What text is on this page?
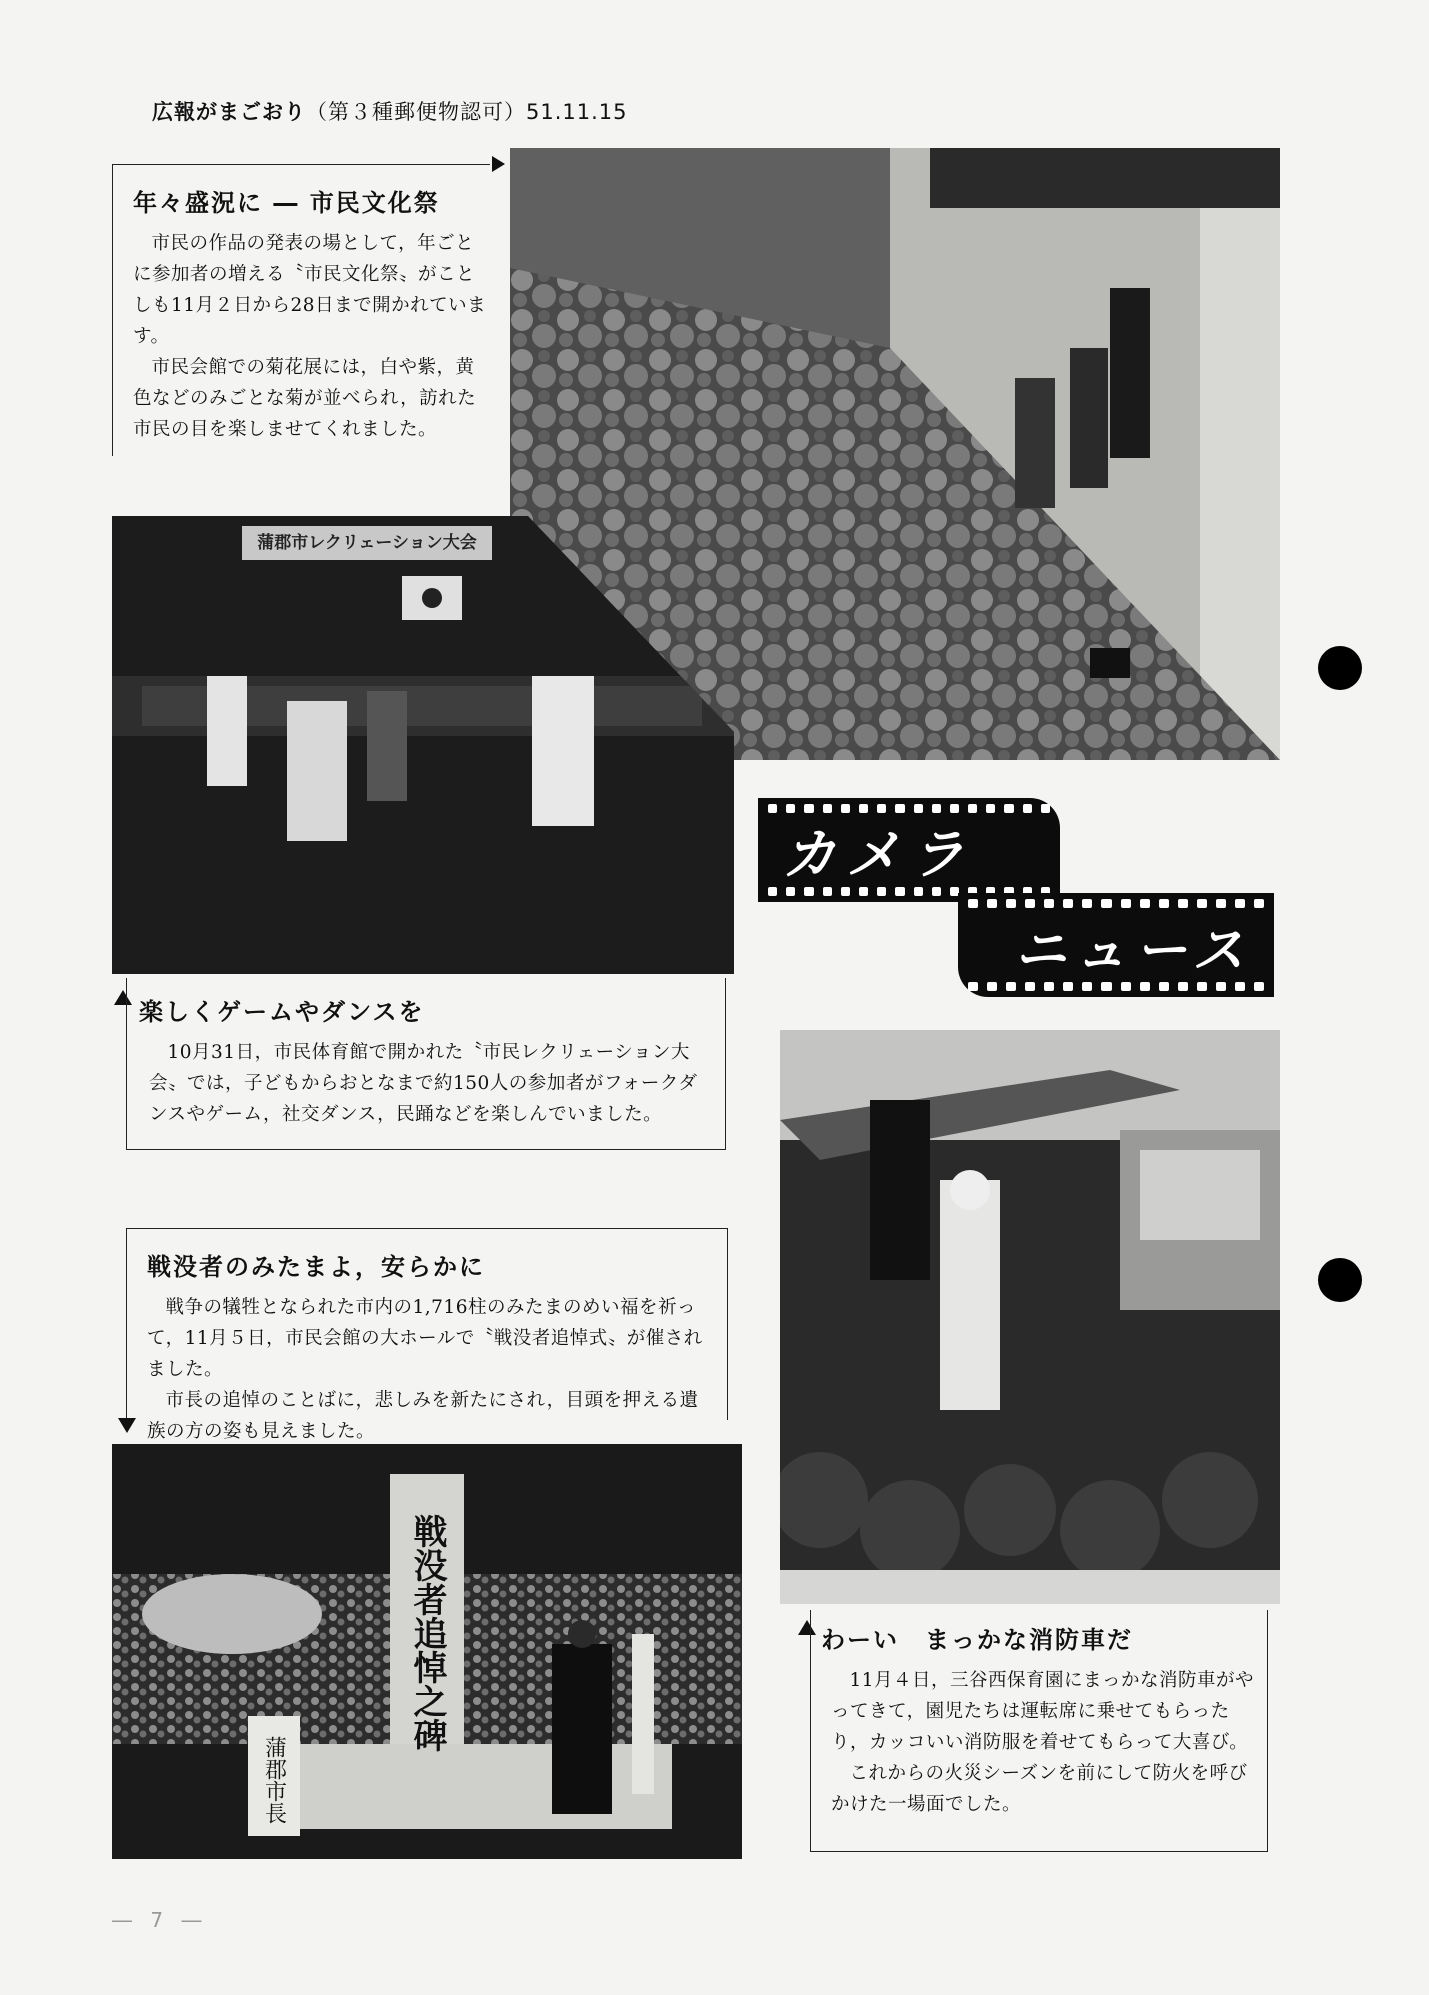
広報がまごおり（第３種郵便物認可）51.11.15
年々盛況に ― 市民文化祭

市民の作品の発表の場として，年ごとに参加者の増える〝市民文化祭〟がことしも11月２日から28日まで開かれています。

市民会館での菊花展には，白や紫，黄色などのみごとな菊が並べられ，訪れた市民の目を楽しませてくれました。

蒲郡市レクリェーション大会
カメラ
ニュース
楽しくゲームやダンスを

10月31日，市民体育館で開かれた〝市民レクリェーション大会〟では，子どもからおとなまで約150人の参加者がフォークダンスやゲーム，社交ダンス，民踊などを楽しんでいました。

戦没者のみたまよ，安らかに

戦争の犠牲となられた市内の1,716柱のみたまのめい福を祈って，11月５日，市民会館の大ホールで〝戦没者追悼式〟が催されました。

市長の追悼のことばに，悲しみを新たにされ，目頭を押える遺族の方の姿も見えました。

戦没者追悼之碑
蒲郡市長
わーい　まっかな消防車だ

11月４日，三谷西保育園にまっかな消防車がやってきて，園児たちは運転席に乗せてもらったり，カッコいい消防服を着せてもらって大喜び。

これからの火災シーズンを前にして防火を呼びかけた一場面でした。

― 7 ―
